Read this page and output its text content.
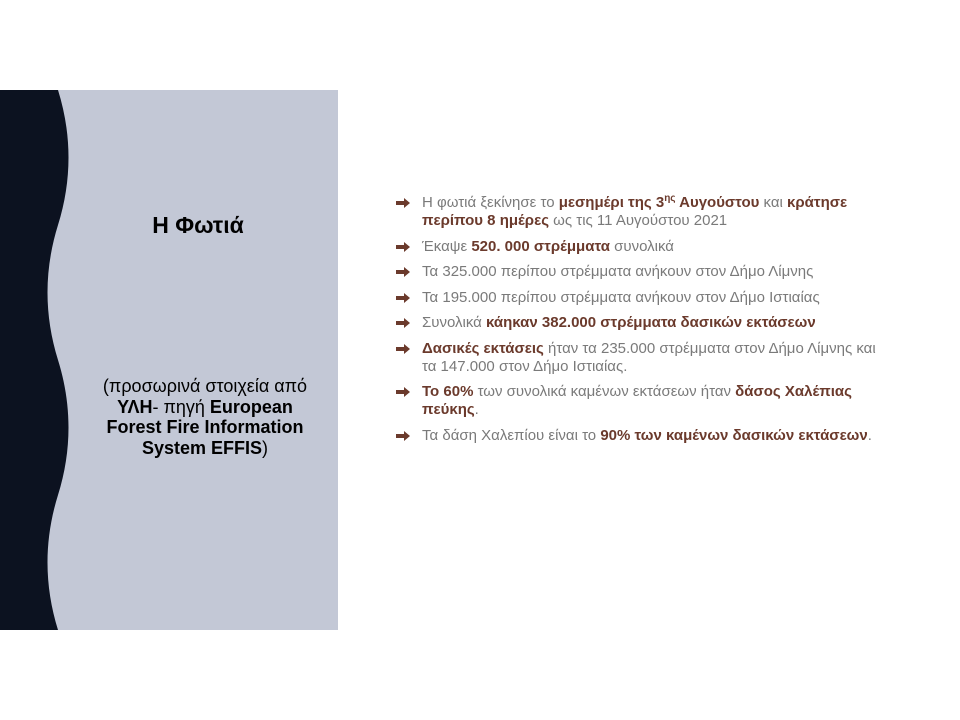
Η Φωτιά
(προσωρινά στοιχεία από ΥΛΗ- πηγή European Forest Fire Information System EFFIS)
Η φωτιά ξεκίνησε το μεσημέρι της $3^{\eta\varsigma}$ Αυγούστου και κράτησε περίπου 8 ημέρες ως τις 11 Αυγούστου 2021
Έκαψε 520. 000 στρέμματα συνολικά
Τα 325.000 περίπου στρέμματα ανήκουν στον Δήμο Λίμνης
Τα 195.000 περίπου στρέμματα ανήκουν στον Δήμο Ιστιαίας
Συνολικά κάηκαν 382.000 στρέμματα δασικών εκτάσεων
Δασικές εκτάσεις ήταν τα 235.000 στρέμματα στον Δήμο Λίμνης και τα 147.000 στον Δήμο Ιστιαίας.
Το 60% των συνολικά καμένων εκτάσεων ήταν δάσος Χαλέπιας πεύκης.
Τα δάση Χαλεπίου είναι το 90% των καμένων δασικών εκτάσεων.
